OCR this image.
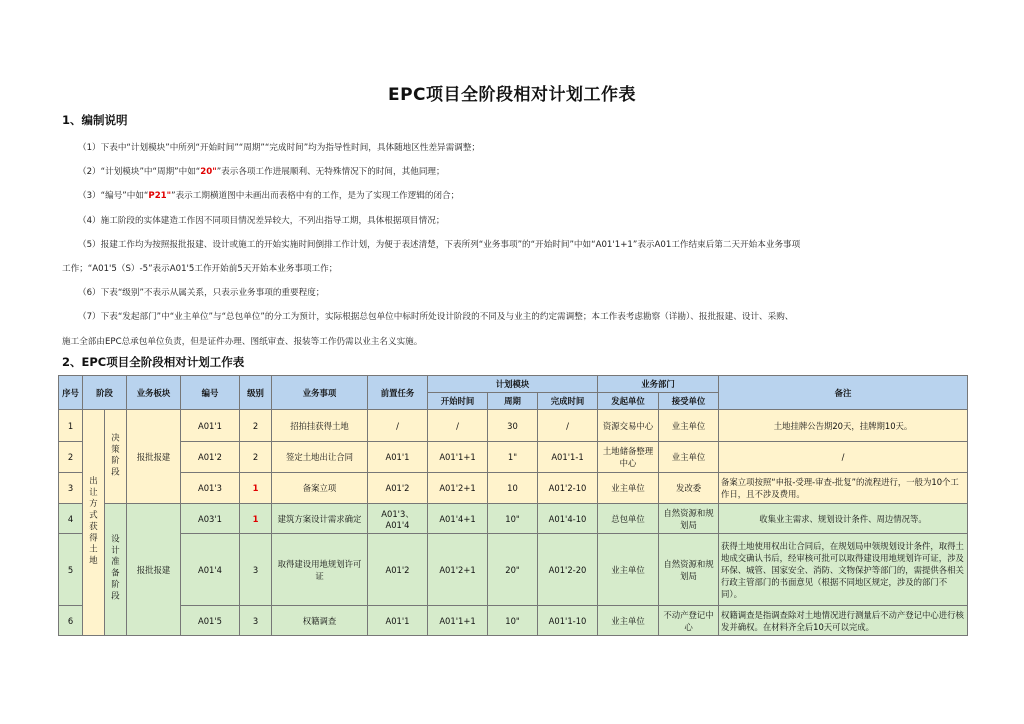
EPC项目全阶段相对计划工作表
1、编制说明

（1）下表中“计划模块”中所列“开始时间”“周期”“完成时间”均为指导性时间，具体随地区性差异需调整；

（2）“计划模块”中“周期”中如“20"”表示各项工作进展顺利、无特殊情况下的时间，其他同理；

（3）“编号”中如“P21"”表示工期横道图中未画出而表格中有的工作，是为了实现工作逻辑的闭合；

（4）施工阶段的实体建造工作因不同项目情况差异较大，不列出指导工期，具体根据项目情况；

（5）报建工作均为按照报批报建、设计或施工的开始实施时间倒排工作计划，为便于表述清楚，下表所列“业务事项”的“开始时间”中如“A01'1+1”表示A01工作结束后第二天开始本业务事项

工作；“A01'5（S）-5”表示A01'5工作开始前5天开始本业务事项工作；

（6）下表“级别”不表示从属关系，只表示业务事项的重要程度；

（7）下表“发起部门”中“业主单位”与“总包单位”的分工为预计，实际根据总包单位中标时所处设计阶段的不同及与业主的约定需调整；本工作表考虑勘察（详勘）、报批报建、设计、采购、

施工全部由EPC总承包单位负责，但是证件办理、图纸审查、报装等工作仍需以业主名义实施。

2、EPC项目全阶段相对计划工作表
序号	阶段		业务板块	编号	级别	业务事项	前置任务	计划模块			业务部门		备注
								开始时间	周期	完成时间	发起单位	接受单位	
1	出让方式获得土地	决策阶段	报批报建	A01'1	2	招拍挂获得土地	/	/	30	/	资源交易中心	业主单位	土地挂牌公告期20天，挂牌期10天。
2				A01'2	2	签定土地出让合同	A01'1	A01'1+1	1"	A01'1-1	土地储备整理中心	业主单位	/
3				A01'3	1	备案立项	A01'2	A01'2+1	10	A01'2-10	业主单位	发改委	备案立项按照“申报-受理-审查-批复”的流程进行，一般为10个工作日，且不涉及费用。
4		设计准备阶段	报批报建	A03'1	1	建筑方案设计需求确定	A01'3、A01'4	A01'4+1	10"	A01'4-10	总包单位	自然资源和规划局	收集业主需求、规划设计条件、周边情况等。
5				A01'4	3	取得建设用地规划许可证	A01'2	A01'2+1	20"	A01'2-20	业主单位	自然资源和规划局	获得土地使用权出让合同后，在规划局申领规划设计条件，取得土地成交确认书后，经审核可批可以取得建设用地规划许可证，涉及环保、城管、国家安全、消防、文物保护等部门的，需提供各相关行政主管部门的书面意见（根据不同地区规定，涉及的部门不同）。
6				A01'5	3	权籍调查	A01'1	A01'1+1	10"	A01'1-10	业主单位	不动产登记中心	权籍调查是指调查除对土地情况进行测量后不动产登记中心进行核发并确权。在材料齐全后10天可以完成。
